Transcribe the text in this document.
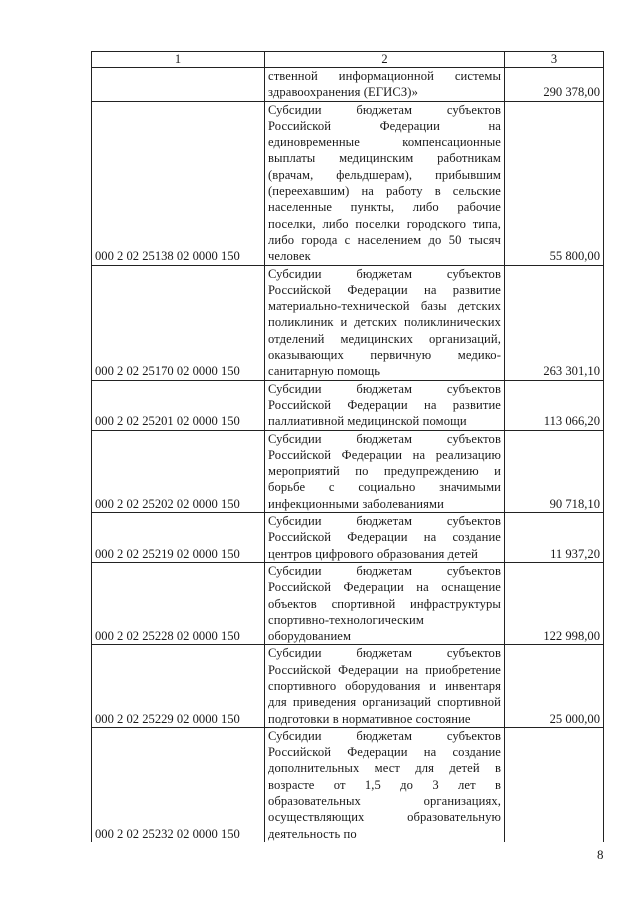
1	2	3
	ственной информационной системы здравоохранения (ЕГИСЗ)»	290 378,00
000 2 02 25138 02 0000 150	Субсидии бюджетам субъектов Российской Федерации на единовременные компенсационные выплаты медицинским работникам (врачам, фельдшерам), прибывшим (переехавшим) на работу в сельские населенные пункты, либо рабочие поселки, либо поселки городского типа, либо города с населением до 50 тысяч человек	55 800,00
000 2 02 25170 02 0000 150	Субсидии бюджетам субъектов Российской Федерации на развитие материально-технической базы детских поликлиник и детских поликлинических отделений медицинских организаций, оказывающих первичную медико-санитарную помощь	263 301,10
000 2 02 25201 02 0000 150	Субсидии бюджетам субъектов Российской Федерации на развитие паллиативной медицинской помощи	113 066,20
000 2 02 25202 02 0000 150	Субсидии бюджетам субъектов Российской Федерации на реализацию мероприятий по предупреждению и борьбе с социально значимыми инфекционными заболеваниями	90 718,10
000 2 02 25219 02 0000 150	Субсидии бюджетам субъектов Российской Федерации на создание центров цифрового образования детей	11 937,20
000 2 02 25228 02 0000 150	Субсидии бюджетам субъектов Российской Федерации на оснащение объектов спортивной инфраструктуры спортивно-технологическим оборудованием	122 998,00
000 2 02 25229 02 0000 150	Субсидии бюджетам субъектов Российской Федерации на приобретение спортивного оборудования и инвентаря для приведения организаций спортивной подготовки в нормативное состояние	25 000,00
000 2 02 25232 02 0000 150	Субсидии бюджетам субъектов Российской Федерации на создание дополнительных мест для детей в возрасте от 1,5 до 3 лет в образовательных организациях, осуществляющих образовательную деятельность по	
8
